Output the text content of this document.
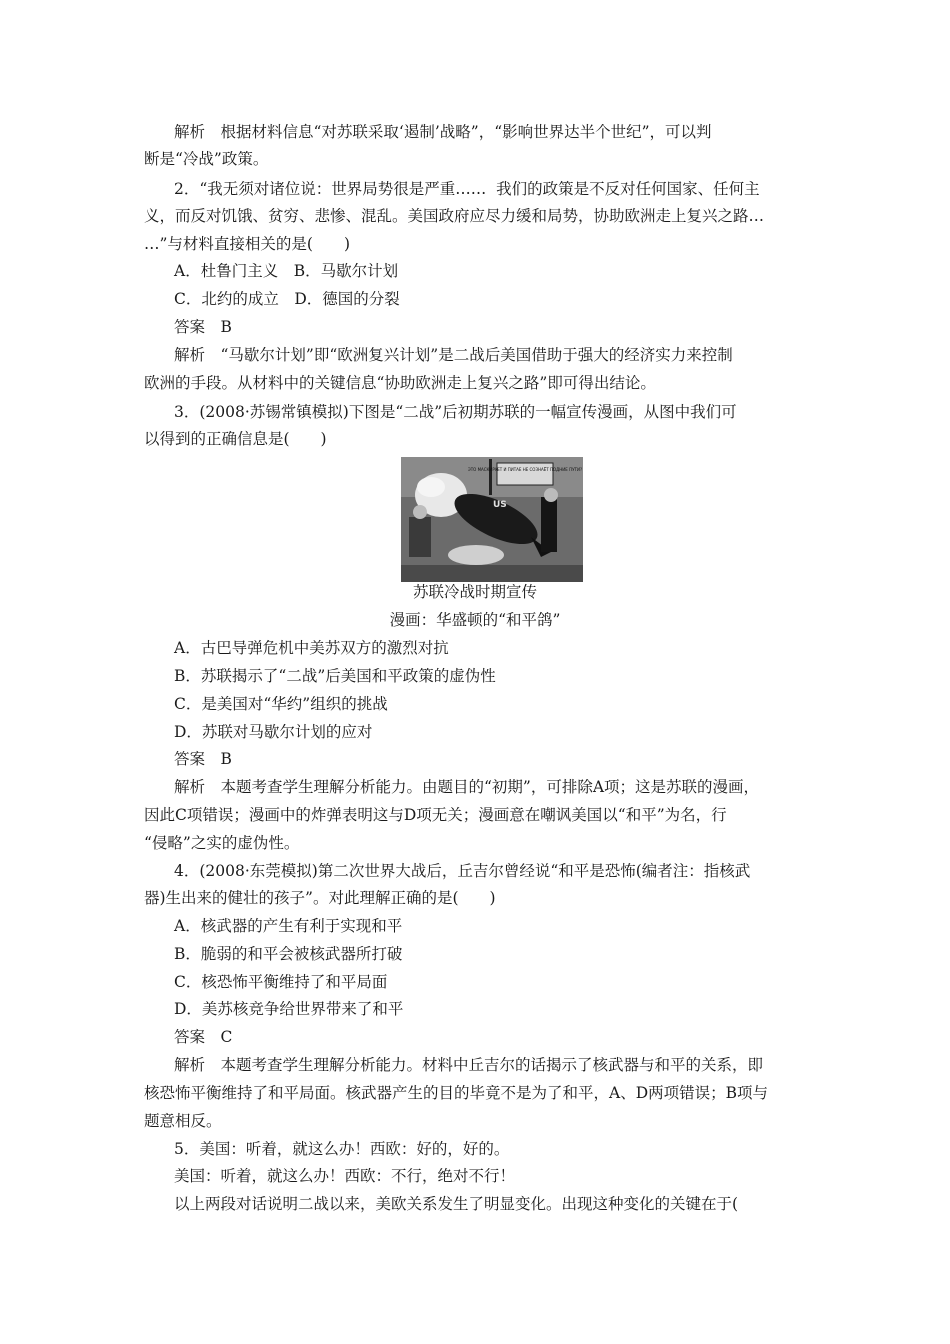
解析　根据材料信息“对苏联采取‘遏制’战略”，“影响世界达半个世纪”，可以判
断是“冷战”政策。
2．“我无须对诸位说：世界局势很是严重……  我们的政策是不反对任何国家、任何主
义，而反对饥饿、贫穷、悲惨、混乱。美国政府应尽力缓和局势，协助欧洲走上复兴之路…
…”与材料直接相关的是(　　)
A．杜鲁门主义　B．马歇尔计划
C．北约的成立　D．德国的分裂
答案　B
解析　“马歇尔计划”即“欧洲复兴计划”是二战后美国借助于强大的经济实力来控制
欧洲的手段。从材料中的关键信息“协助欧洲走上复兴之路”即可得出结论。
3．(2008·苏锡常镇模拟)下图是“二战”后初期苏联的一幅宣传漫画，从图中我们可
以得到的正确信息是(　　)
ЭТО МАСКИРУЕТ И ПИТАЕ НЕ СОЗНАЁТ ПОДНИЕ ПУТИ?
US
苏联冷战时期宣传
漫画：华盛顿的“和平鸽”
A．古巴导弹危机中美苏双方的激烈对抗
B．苏联揭示了“二战”后美国和平政策的虚伪性
C．是美国对“华约”组织的挑战
D．苏联对马歇尔计划的应对
答案　B
解析　本题考查学生理解分析能力。由题目的“初期”，可排除A项；这是苏联的漫画，
因此C项错误；漫画中的炸弹表明这与D项无关；漫画意在嘲讽美国以“和平”为名，行
“侵略”之实的虚伪性。
4．(2008·东莞模拟)第二次世界大战后，丘吉尔曾经说“和平是恐怖(编者注：指核武
器)生出来的健壮的孩子”。对此理解正确的是(　　)
A．核武器的产生有利于实现和平
B．脆弱的和平会被核武器所打破
C．核恐怖平衡维持了和平局面
D．美苏核竞争给世界带来了和平
答案　C
解析　本题考查学生理解分析能力。材料中丘吉尔的话揭示了核武器与和平的关系，即
核恐怖平衡维持了和平局面。核武器产生的目的毕竟不是为了和平，A、D两项错误；B项与
题意相反。
5．美国：听着，就这么办！西欧：好的，好的。
美国：听着，就这么办！西欧：不行，绝对不行！
以上两段对话说明二战以来，美欧关系发生了明显变化。出现这种变化的关键在于(
